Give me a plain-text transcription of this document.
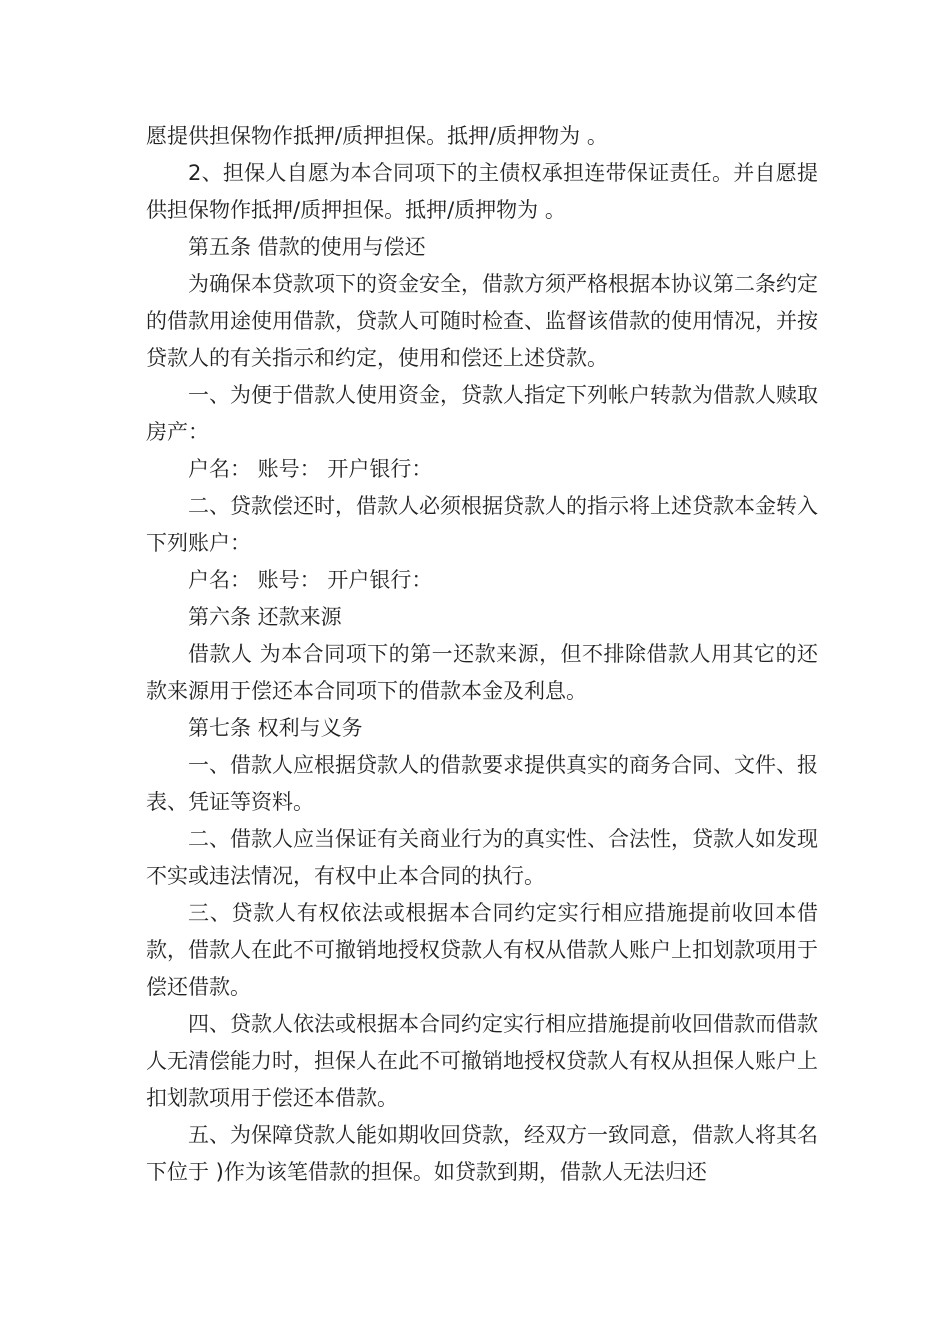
愿提供担保物作抵押/质押担保。抵押/质押物为 。

2、担保人自愿为本合同项下的主债权承担连带保证责任。并自愿提供担保物作抵押/质押担保。抵押/质押物为 。

第五条 借款的使用与偿还

为确保本贷款项下的资金安全，借款方须严格根据本协议第二条约定的借款用途使用借款，贷款人可随时检查、监督该借款的使用情况，并按贷款人的有关指示和约定，使用和偿还上述贷款。

一、为便于借款人使用资金，贷款人指定下列帐户转款为借款人赎取房产：

户名： 账号： 开户银行：

二、贷款偿还时，借款人必须根据贷款人的指示将上述贷款本金转入下列账户：

户名： 账号： 开户银行：

第六条 还款来源

借款人 为本合同项下的第一还款来源，但不排除借款人用其它的还款来源用于偿还本合同项下的借款本金及利息。

第七条 权利与义务

一、借款人应根据贷款人的借款要求提供真实的商务合同、文件、报表、凭证等资料。

二、借款人应当保证有关商业行为的真实性、合法性，贷款人如发现不实或违法情况，有权中止本合同的执行。

三、贷款人有权依法或根据本合同约定实行相应措施提前收回本借款，借款人在此不可撤销地授权贷款人有权从借款人账户上扣划款项用于偿还借款。

四、贷款人依法或根据本合同约定实行相应措施提前收回借款而借款人无清偿能力时，担保人在此不可撤销地授权贷款人有权从担保人账户上扣划款项用于偿还本借款。

五、为保障贷款人能如期收回贷款，经双方一致同意，借款人将其名下位于 )作为该笔借款的担保。如贷款到期，借款人无法归还
